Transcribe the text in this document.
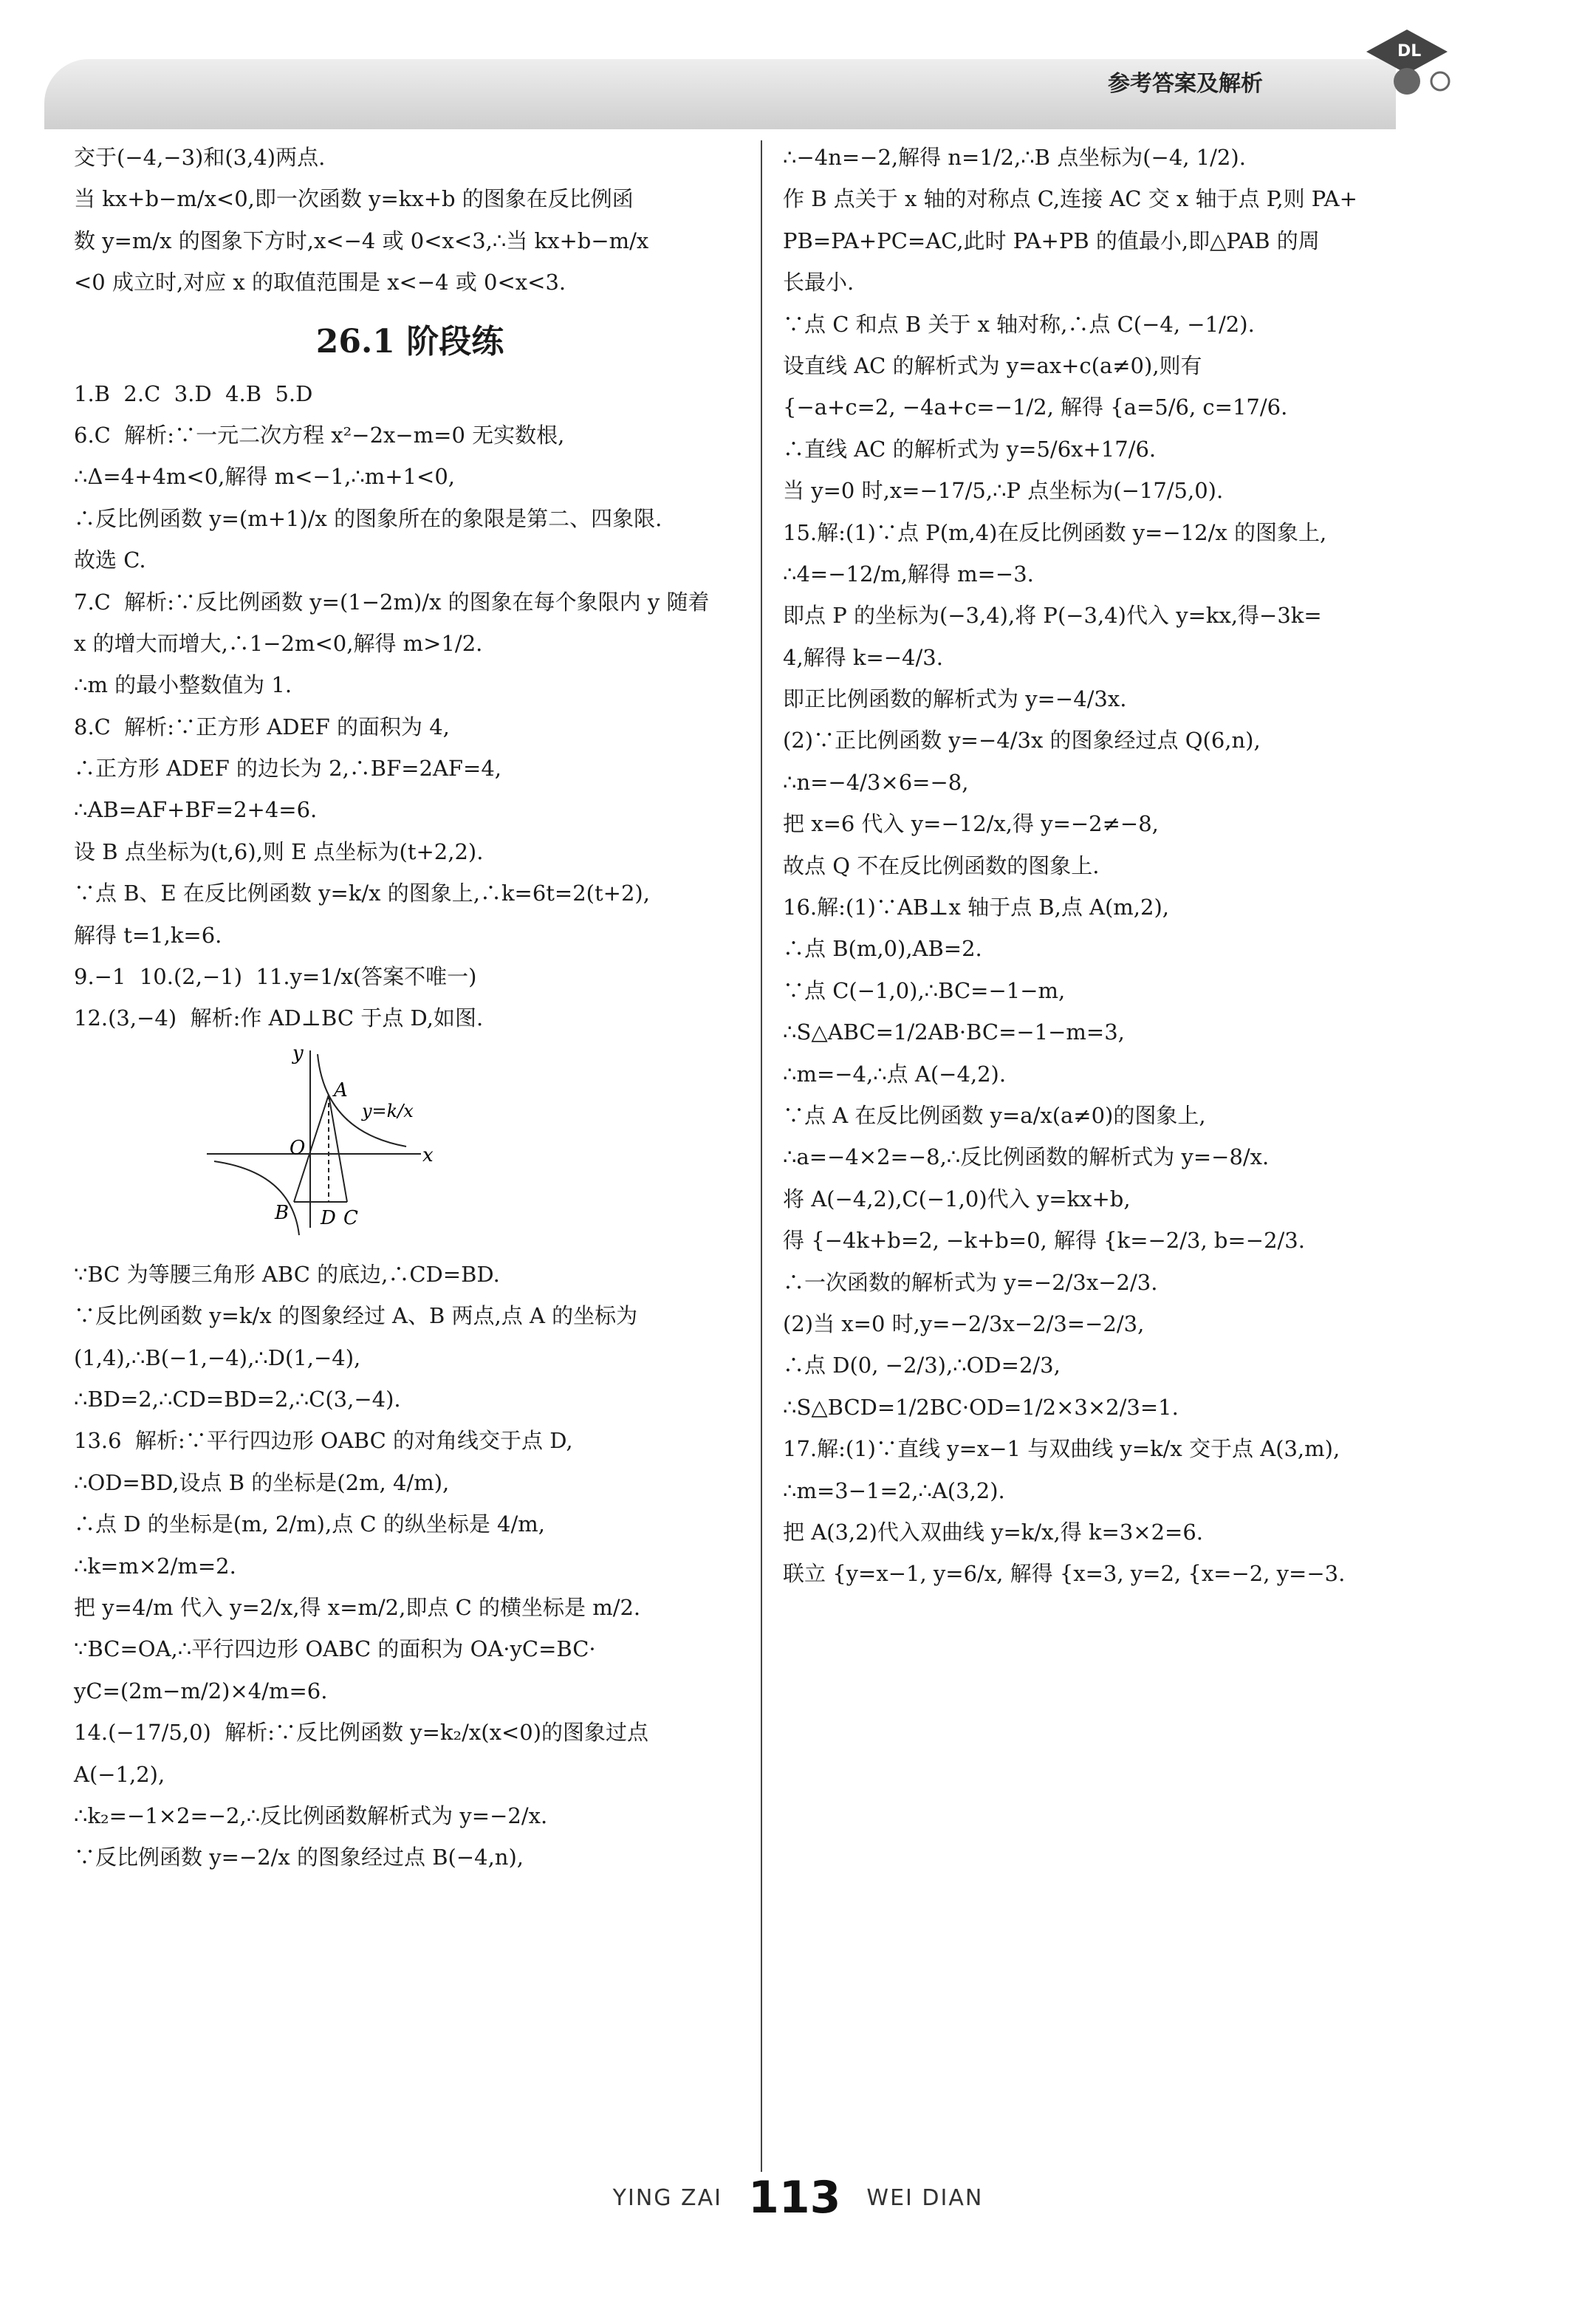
参考答案及解析
DL

交于(−4,−3)和(3,4)两点.

当 kx+b−m/x<0,即一次函数 y=kx+b 的图象在反比例函

数 y=m/x 的图象下方时,x<−4 或 0<x<3,∴当 kx+b−m/x

<0 成立时,对应 x 的取值范围是 x<−4 或 0<x<3.

26.1 阶段练

1.B  2.C  3.D  4.B  5.D

6.C  解析:∵一元二次方程 x²−2x−m=0 无实数根,

∴Δ=4+4m<0,解得 m<−1,∴m+1<0,

∴反比例函数 y=(m+1)/x 的图象所在的象限是第二、四象限.

故选 C.

7.C  解析:∵反比例函数 y=(1−2m)/x 的图象在每个象限内 y 随着

x 的增大而增大,∴1−2m<0,解得 m>1/2.

∴m 的最小整数值为 1.

8.C  解析:∵正方形 ADEF 的面积为 4,

∴正方形 ADEF 的边长为 2,∴BF=2AF=4,

∴AB=AF+BF=2+4=6.

设 B 点坐标为(t,6),则 E 点坐标为(t+2,2).

∵点 B、E 在反比例函数 y=k/x 的图象上,∴k=6t=2(t+2),

解得 t=1,k=6.

9.−1  10.(2,−1)  11.y=1/x(答案不唯一)

12.(3,−4)  解析:作 AD⊥BC 于点 D,如图.

y
x
O
A
B D C
y=k/x

∵BC 为等腰三角形 ABC 的底边,∴CD=BD.

∵反比例函数 y=k/x 的图象经过 A、B 两点,点 A 的坐标为

(1,4),∴B(−1,−4),∴D(1,−4),

∴BD=2,∴CD=BD=2,∴C(3,−4).

13.6  解析:∵平行四边形 OABC 的对角线交于点 D,

∴OD=BD,设点 B 的坐标是(2m, 4/m),

∴点 D 的坐标是(m, 2/m),点 C 的纵坐标是 4/m,

∴k=m×2/m=2.

把 y=4/m 代入 y=2/x,得 x=m/2,即点 C 的横坐标是 m/2.

∵BC=OA,∴平行四边形 OABC 的面积为 OA·yC=BC·

yC=(2m−m/2)×4/m=6.

14.(−17/5,0)  解析:∵反比例函数 y=k₂/x(x<0)的图象过点

A(−1,2),

∴k₂=−1×2=−2,∴反比例函数解析式为 y=−2/x.

∵反比例函数 y=−2/x 的图象经过点 B(−4,n),

∴−4n=−2,解得 n=1/2,∴B 点坐标为(−4, 1/2).

作 B 点关于 x 轴的对称点 C,连接 AC 交 x 轴于点 P,则 PA+

PB=PA+PC=AC,此时 PA+PB 的值最小,即△PAB 的周

长最小.

∵点 C 和点 B 关于 x 轴对称,∴点 C(−4, −1/2).

设直线 AC 的解析式为 y=ax+c(a≠0),则有

{−a+c=2, −4a+c=−1/2, 解得 {a=5/6, c=17/6.

∴直线 AC 的解析式为 y=5/6x+17/6.

当 y=0 时,x=−17/5,∴P 点坐标为(−17/5,0).

15.解:(1)∵点 P(m,4)在反比例函数 y=−12/x 的图象上,

∴4=−12/m,解得 m=−3.

即点 P 的坐标为(−3,4),将 P(−3,4)代入 y=kx,得−3k=

4,解得 k=−4/3.

即正比例函数的解析式为 y=−4/3x.

(2)∵正比例函数 y=−4/3x 的图象经过点 Q(6,n),

∴n=−4/3×6=−8,

把 x=6 代入 y=−12/x,得 y=−2≠−8,

故点 Q 不在反比例函数的图象上.

16.解:(1)∵AB⊥x 轴于点 B,点 A(m,2),

∴点 B(m,0),AB=2.

∵点 C(−1,0),∴BC=−1−m,

∴S△ABC=1/2AB·BC=−1−m=3,

∴m=−4,∴点 A(−4,2).

∵点 A 在反比例函数 y=a/x(a≠0)的图象上,

∴a=−4×2=−8,∴反比例函数的解析式为 y=−8/x.

将 A(−4,2),C(−1,0)代入 y=kx+b,

得 {−4k+b=2, −k+b=0, 解得 {k=−2/3, b=−2/3.

∴一次函数的解析式为 y=−2/3x−2/3.

(2)当 x=0 时,y=−2/3x−2/3=−2/3,

∴点 D(0, −2/3),∴OD=2/3,

∴S△BCD=1/2BC·OD=1/2×3×2/3=1.

17.解:(1)∵直线 y=x−1 与双曲线 y=k/x 交于点 A(3,m),

∴m=3−1=2,∴A(3,2).

把 A(3,2)代入双曲线 y=k/x,得 k=3×2=6.

联立 {y=x−1, y=6/x, 解得 {x=3, y=2, {x=−2, y=−3.

YING ZAI 113 WEI DIAN
